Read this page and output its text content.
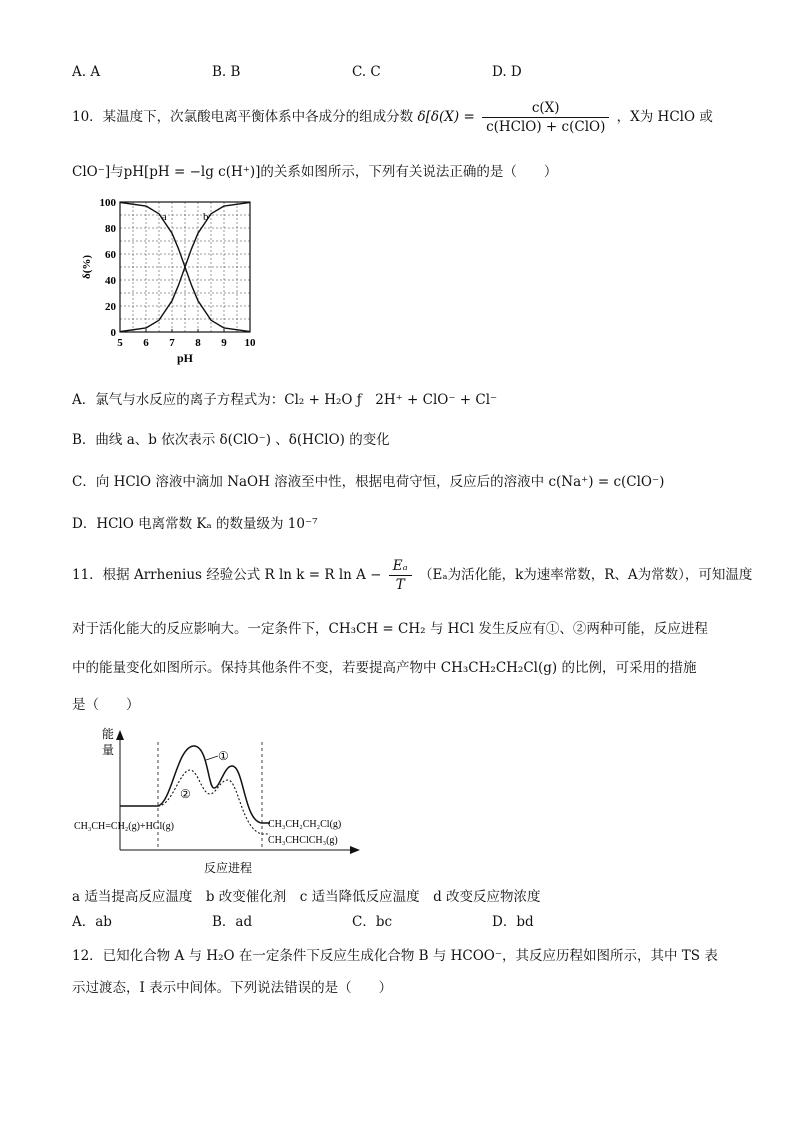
A. A	B. B	C. C	D. D
10．某温度下，次氯酸电离平衡体系中各成分的组成分数 $\delta[\delta(X) = \frac{c(X)}{\text{c(HClO) + c(ClO)}}$ ，X为 HClO 或
ClO⁻]与pH[pH = −lg c(H⁺)]的关系如图所示，下列有关说法正确的是（　　）
5 6 7 8 9 10
0
20
40
60
80
100
pH
δ(%)
a	b
A．氯气与水反应的离子方程式为：Cl₂ + H₂O ƒ　2H⁺ + ClO⁻ + Cl⁻
B．曲线 a、b 依次表示 δ(ClO⁻) 、δ(HClO) 的变化
C．向 HClO 溶液中滴加 NaOH 溶液至中性，根据电荷守恒，反应后的溶液中 c(Na⁺) = c(ClO⁻)
D．HClO 电离常数 Kₐ 的数量级为 10⁻⁷
11．根据 Arrhenius 经验公式 R ln k = R $\ln A - \frac{\text{Eₐ}}{T} (E_a$为活化能，k为速率常数，R、A为常数），可知温度
对于活化能大的反应影响大。一定条件下，CH₃CH = CH₂ 与 HCl 发生反应有①、②两种可能，反应进程
中的能量变化如图所示。保持其他条件不变，若要提高产物中 CH₃CH₂CH₂Cl(g) 的比例，可采用的措施
是（　　）
能
量
反应进程
①
②
CH₃CH=CH₂(g)+HCl(g)	CH₃CH₂CH₂Cl(g)
CH₃CHClCH₃(g)
a 适当提高反应温度　b 改变催化剂　c 适当降低反应温度　d 改变反应物浓度
A．ab	B．ad	C．bc	D．bd
12．已知化合物 A 与 H₂O 在一定条件下反应生成化合物 B 与 HCOO⁻，其反应历程如图所示，其中 TS 表
示过渡态，I 表示中间体。下列说法错误的是（　　）
